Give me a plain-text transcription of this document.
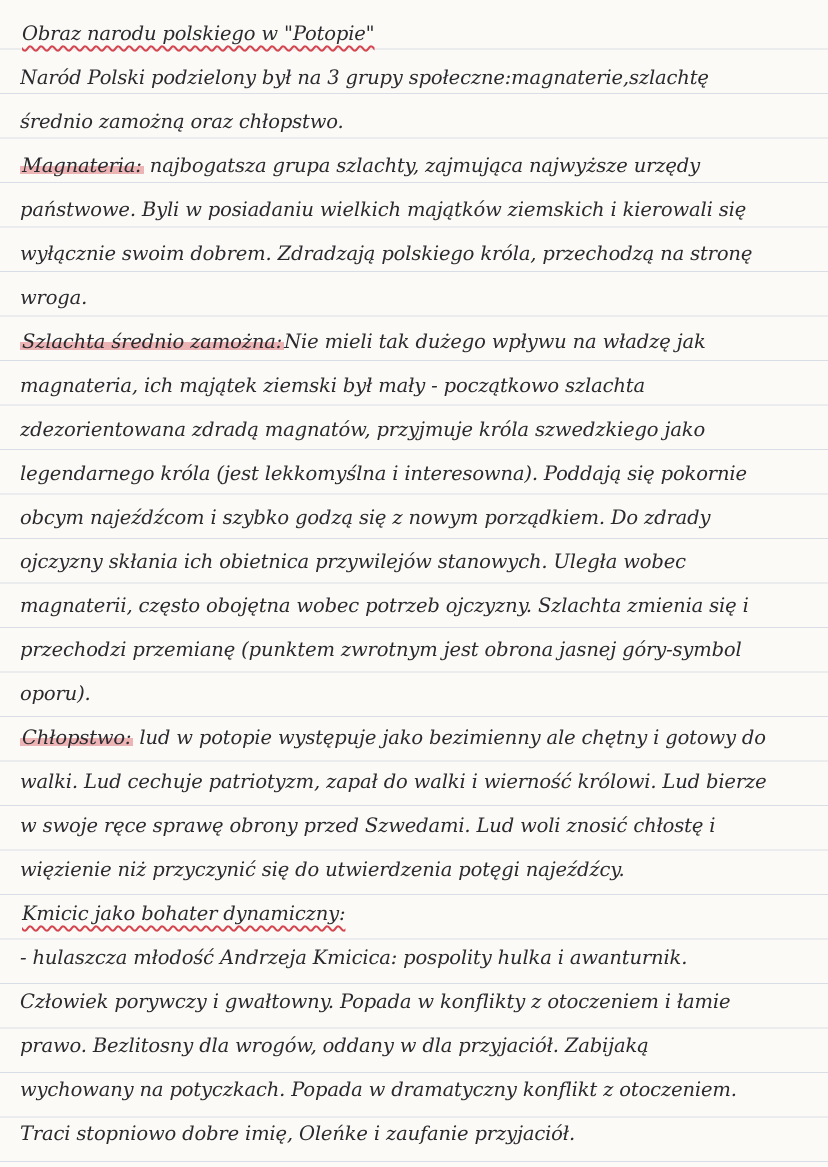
Obraz narodu polskiego w "Potopie"
Naród Polski podzielony był na 3 grupy społeczne:magnaterie,szlachtę
średnio zamożną oraz chłopstwo.
Magnateria: najbogatsza grupa szlachty, zajmująca najwyższe urzędy
państwowe. Byli w posiadaniu wielkich majątków ziemskich i kierowali się
wyłącznie swoim dobrem. Zdradzają polskiego króla, przechodzą na stronę
wroga.
Szlachta średnio zamożna: Nie mieli tak dużego wpływu na władzę jak
magnateria, ich majątek ziemski był mały - początkowo szlachta
zdezorientowana zdradą magnatów, przyjmuje króla szwedzkiego jako
legendarnego króla (jest lekkomyślna i interesowna). Poddają się pokornie
obcym najeźdźcom i szybko godzą się z nowym porządkiem. Do zdrady
ojczyzny skłania ich obietnica przywilejów stanowych. Uległa wobec
magnaterii, często obojętna wobec potrzeb ojczyzny. Szlachta zmienia się i
przechodzi przemianę (punktem zwrotnym jest obrona jasnej góry-symbol
oporu).
Chłopstwo: lud w potopie występuje jako bezimienny ale chętny i gotowy do
walki. Lud cechuje patriotyzm, zapał do walki i wierność królowi. Lud bierze
w swoje ręce sprawę obrony przed Szwedami. Lud woli znosić chłostę i
więzienie niż przyczynić się do utwierdzenia potęgi najeźdźcy.
Kmicic jako bohater dynamiczny:
- hulaszcza młodość Andrzeja Kmicica: pospolity hulka i awanturnik.
Człowiek porywczy i gwałtowny. Popada w konflikty z otoczeniem i łamie
prawo. Bezlitosny dla wrogów, oddany w dla przyjaciół. Zabijaką
wychowany na potyczkach. Popada w dramatyczny konflikt z otoczeniem.
Traci stopniowo dobre imię, Oleńke i zaufanie przyjaciół.
